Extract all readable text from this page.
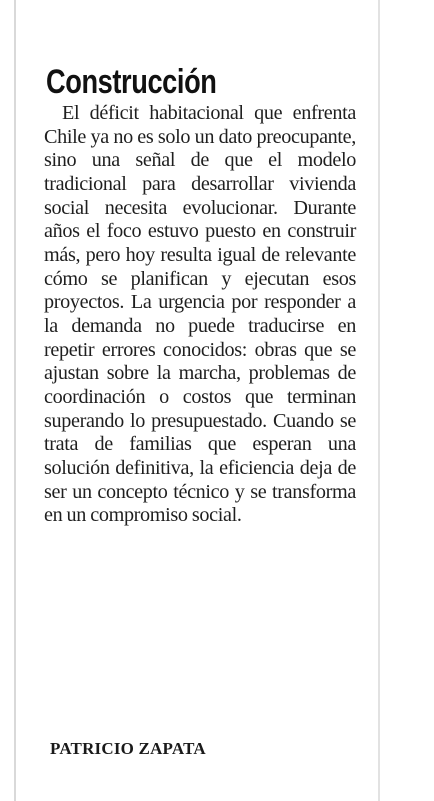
Construcción

El déficit habitacional que enfrenta Chile ya no es solo un dato preocupante, sino una señal de que el modelo tradicional para desarrollar vivienda social necesita evolucionar. Durante años el foco estuvo puesto en construir más, pero hoy resulta igual de relevante cómo se planifican y ejecutan esos proyectos. La urgencia por responder a la demanda no puede traducirse en repetir errores conocidos: obras que se ajustan sobre la marcha, problemas de coordinación o costos que terminan superando lo presupuestado. Cuando se trata de familias que esperan una solución definitiva, la eficiencia deja de ser un concepto técnico y se transforma en un compromiso social.

PATRICIO ZAPATA
